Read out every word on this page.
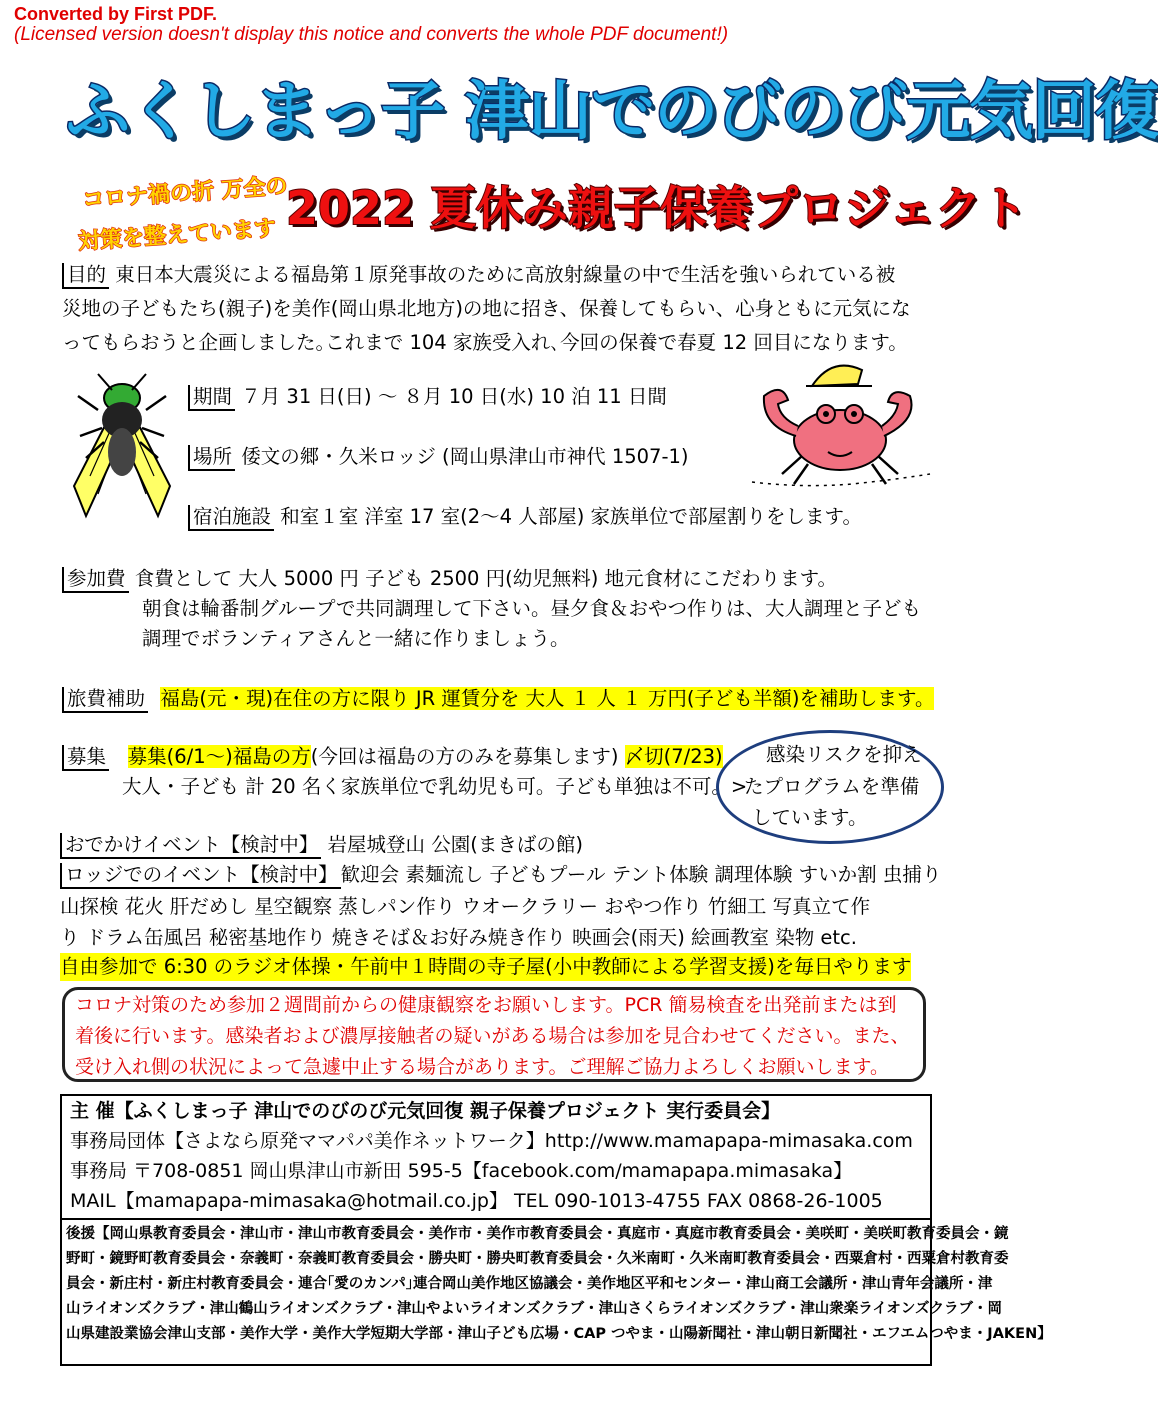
Converted by First PDF.
(Licensed version doesn't display this notice and converts the whole PDF document!)
ふくしまっ子 津山でのびのび元気回復
コロナ禍の折 万全の
対策を整えています
2022 夏休み親子保養プロジェクト
目的 東日本大震災による福島第１原発事故のために高放射線量の中で生活を強いられている被
災地の子どもたち(親子)を美作(岡山県北地方)の地に招き、保養してもらい、心身ともに元気にな
ってもらおうと企画しました｡これまで 104 家族受入れ､今回の保養で春夏 12 回目になります。
期間 ７月 31 日(日) ～ ８月 10 日(水) 10 泊 11 日間
場所 倭文の郷・久米ロッジ (岡山県津山市神代 1507-1)
宿泊施設 和室１室 洋室 17 室(2～4 人部屋) 家族単位で部屋割りをします。
参加費 食費として 大人 5000 円 子ども 2500 円(幼児無料) 地元食材にこだわります。
朝食は輪番制グループで共同調理して下さい。昼夕食＆おやつ作りは、大人調理と子ども
調理でボランティアさんと一緒に作りましょう。
旅費補助 福島(元・現)在住の方に限り JR 運賃分を 大人 １ 人 １ 万円(子ども半額)を補助します。
募集 募集(6/1～)福島の方(今回は福島の方のみを募集します) 〆切(7/23)
大人・子ども 計 20 名く家族単位で乳幼児も可。子ども単独は不可。>
感染リスクを抑え
たプログラムを準備
しています。
おでかけイベント【検討中】 岩屋城登山 公園(まきばの館)
ロッジでのイベント【検討中】 歓迎会 素麺流し 子どもプール テント体験 調理体験 すいか割 虫捕り
山探検 花火 肝だめし 星空観察 蒸しパン作り ウオークラリー おやつ作り 竹細工 写真立て作
り ドラム缶風呂 秘密基地作り 焼きそば＆お好み焼き作り 映画会(雨天) 絵画教室 染物 etc.
自由参加で 6:30 のラジオ体操・午前中１時間の寺子屋(小中教師による学習支援)を毎日やります
コロナ対策のため参加２週間前からの健康観察をお願いします。PCR 簡易検査を出発前または到
着後に行います。感染者および濃厚接触者の疑いがある場合は参加を見合わせてください。また、
受け入れ側の状況によって急遽中止する場合があります。ご理解ご協力よろしくお願いします。
主 催【ふくしまっ子 津山でのびのび元気回復 親子保養プロジェクト 実行委員会】
事務局団体【さよなら原発ママパパ美作ネットワーク】http://www.mamapapa-mimasaka.com
事務局 〒708-0851 岡山県津山市新田 595-5【facebook.com/mamapapa.mimasaka】
MAIL【mamapapa-mimasaka@hotmail.co.jp】 TEL 090-1013-4755 FAX 0868-26-1005
後援【岡山県教育委員会・津山市・津山市教育委員会・美作市・美作市教育委員会・真庭市・真庭市教育委員会・美咲町・美咲町教育委員会・鏡
野町・鏡野町教育委員会・奈義町・奈義町教育委員会・勝央町・勝央町教育委員会・久米南町・久米南町教育委員会・西粟倉村・西粟倉村教育委
員会・新庄村・新庄村教育委員会・連合｢愛のカンパ｣連合岡山美作地区協議会・美作地区平和センター・津山商工会議所・津山青年会議所・津
山ライオンズクラブ・津山鶴山ライオンズクラブ・津山やよいライオンズクラブ・津山さくらライオンズクラブ・津山衆楽ライオンズクラブ・岡
山県建設業協会津山支部・美作大学・美作大学短期大学部・津山子ども広場・CAP つやま・山陽新聞社・津山朝日新聞社・エフエムつやま・JAKEN】
